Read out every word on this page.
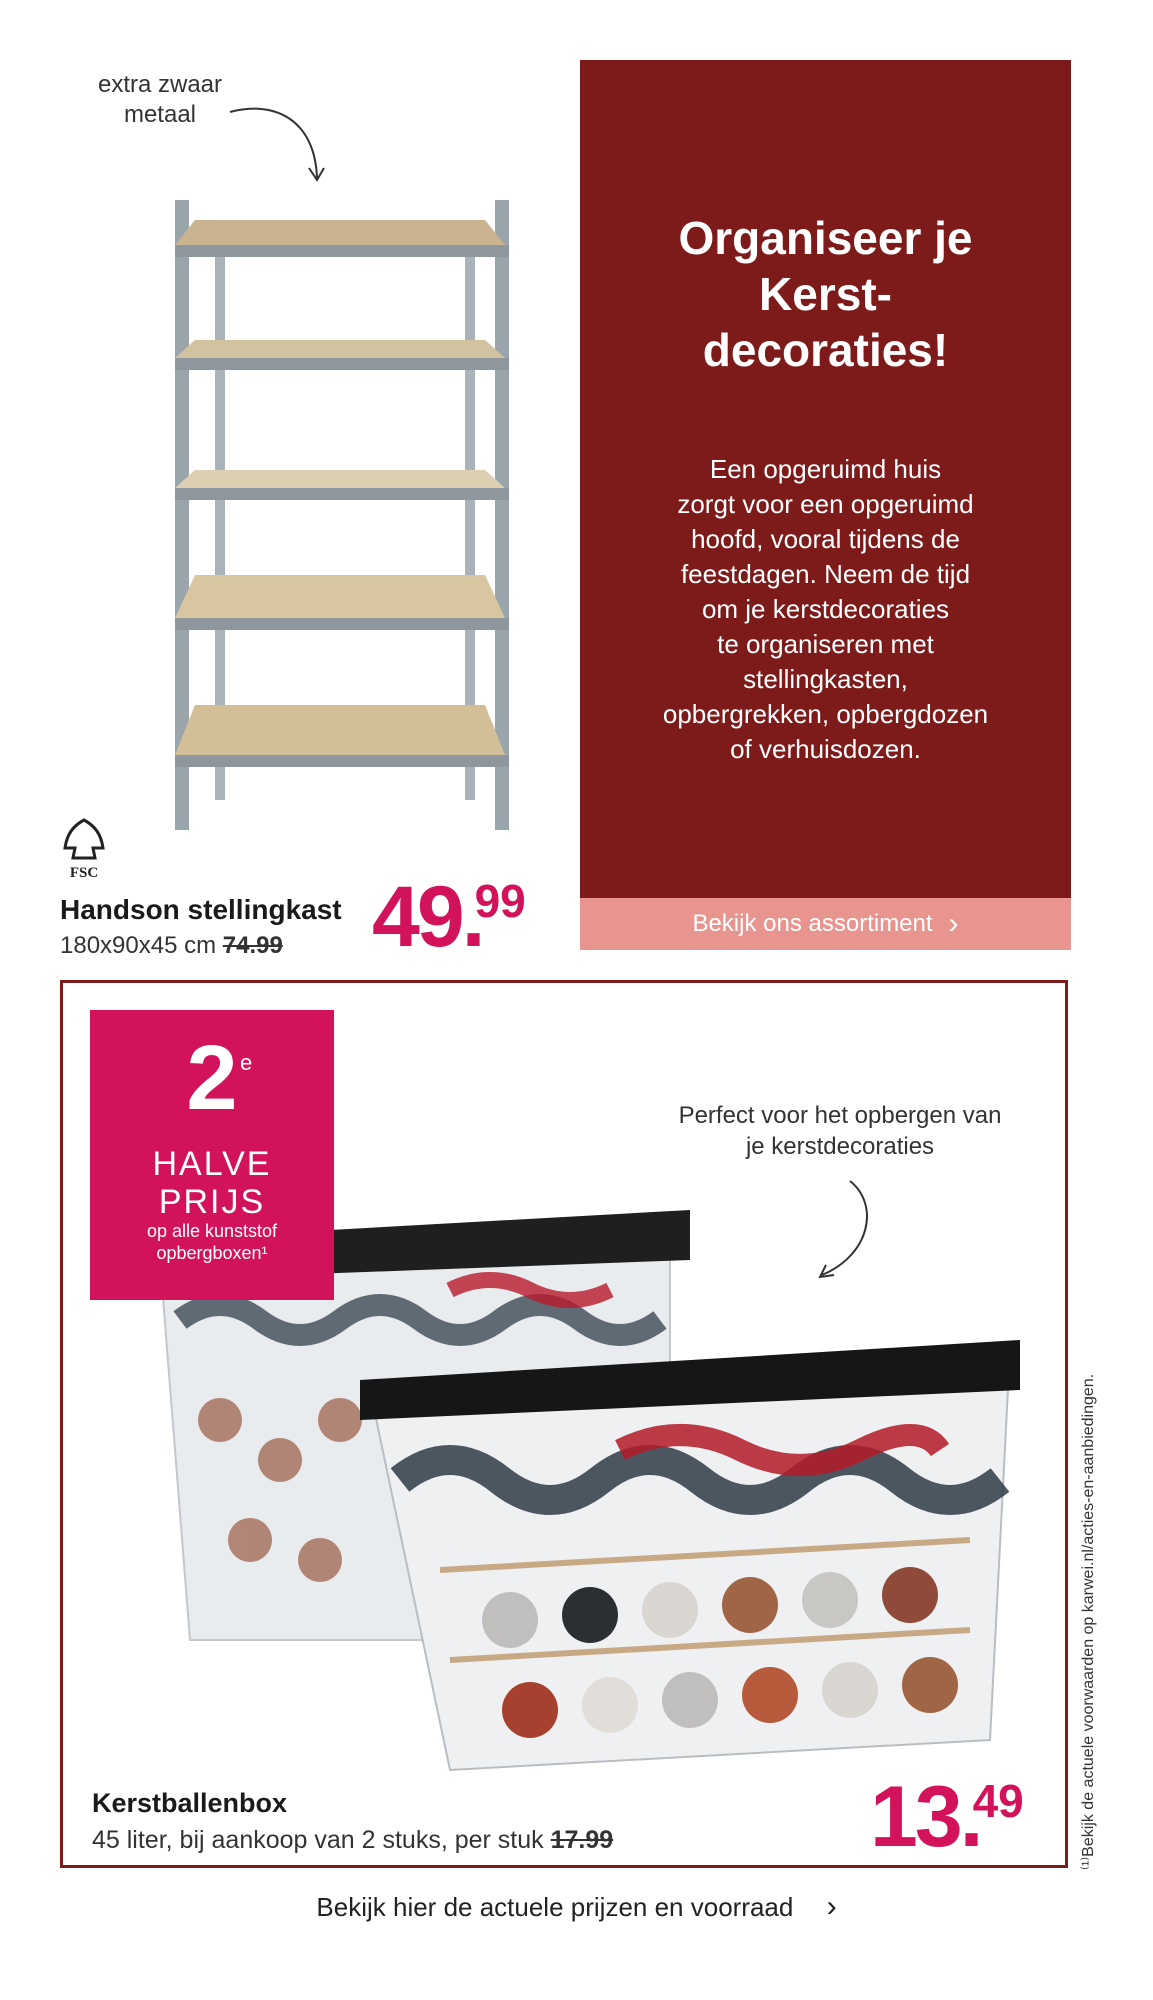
extra zwaar
metaal
FSC
Handson stellingkast
180x90x45 cm 74.99 49.99
Organiseer je
Kerst-
decoraties!
Een opgeruimd huis
zorgt voor een opgeruimd
hoofd, vooral tijdens de
feestdagen. Neem de tijd
om je kerstdecoraties
te organiseren met
stellingkasten,
opbergrekken, opbergdozen
of verhuisdozen.
Bekijk ons assortiment ›
2 e
HALVE
PRIJS
op alle kunststof
opbergboxen¹
Perfect voor het opbergen van
je kerstdecoraties
Kerstballenbox
45 liter, bij aankoop van 2 stuks, per stuk 17.99	13.49	⁽¹⁾Bekijk de actuele voorwaarden op karwei.nl/acties-en-aanbiedingen.
Bekijk hier de actuele prijzen en voorraad ›
